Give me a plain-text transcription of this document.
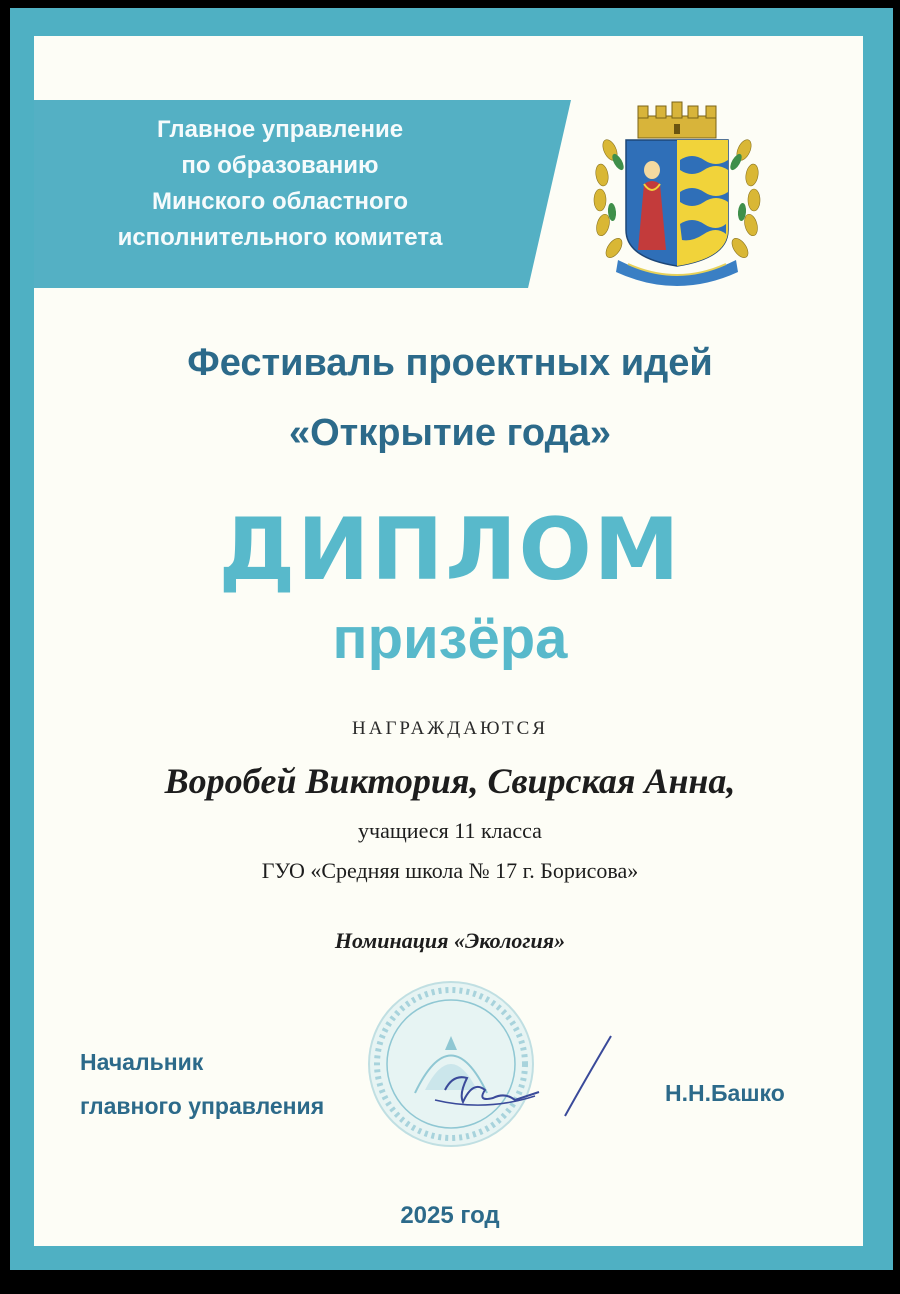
Главное управление
по образованию
Минского областного
исполнительного комитета
Фестиваль проектных идей
«Открытие года»
ДИПЛОМ
призёра
НАГРАЖДАЮТСЯ
Воробей Виктория, Свирская Анна,
учащиеся 11 класса
ГУО «Средняя школа № 17 г. Борисова»
Номинация «Экология»
Начальник
главного управления	Н.Н.Башко
2025 год
